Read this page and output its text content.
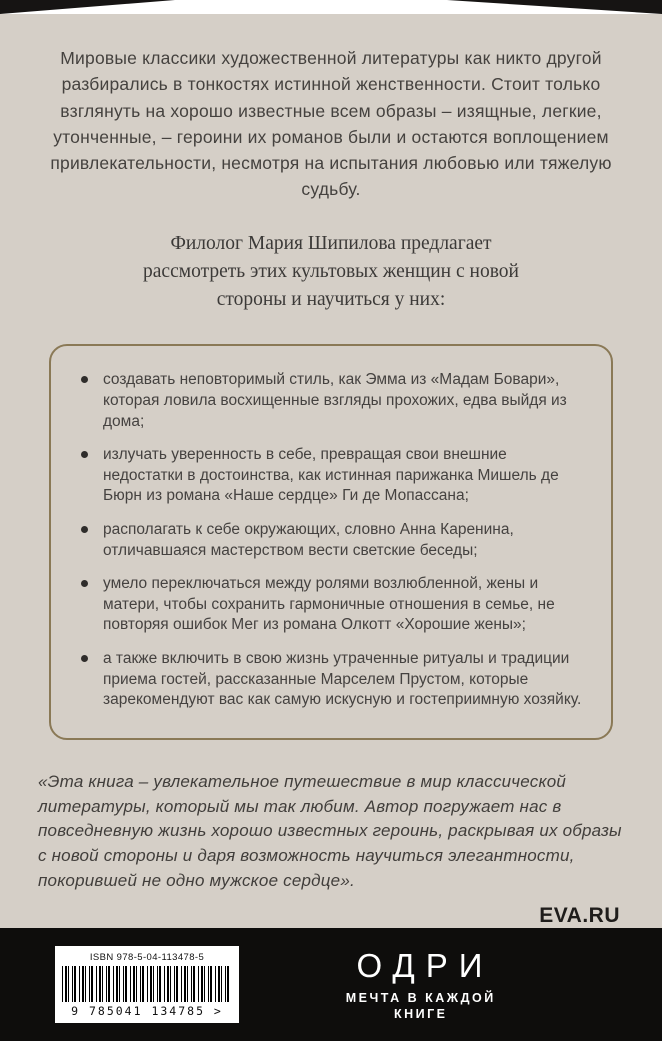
Мировые классики художественной литературы как никто другой разбирались в тонкостях истинной женственности. Стоит только взглянуть на хорошо известные всем образы – изящные, легкие, утонченные, – героини их романов были и остаются воплощением привлекательности, несмотря на испытания любовью или тяжелую судьбу.

Филолог Мария Шипилова предлагает рассмотреть этих культовых женщин с новой стороны и научиться у них:

создавать неповторимый стиль, как Эмма из «Мадам Бовари», которая ловила восхищенные взгляды прохожих, едва выйдя из дома;
излучать уверенность в себе, превращая свои внешние недостатки в достоинства, как истинная парижанка Мишель де Бюрн из романа «Наше сердце» Ги де Мопассана;
располагать к себе окружающих, словно Анна Каренина, отличавшаяся мастерством вести светские беседы;
умело переключаться между ролями возлюбленной, жены и матери, чтобы сохранить гармоничные отношения в семье, не повторяя ошибок Мег из романа Олкотт «Хорошие жены»;
а также включить в свою жизнь утраченные ритуалы и традиции приема гостей, рассказанные Марселем Прустом, которые зарекомендуют вас как самую искусную и гостеприимную хозяйку.

«Эта книга – увлекательное путешествие в мир классической литературы, который мы так любим. Автор погружает нас в повседневную жизнь хорошо известных героинь, раскрывая их образы с новой стороны и даря возможность научиться элегантности, покорившей не одно мужское сердце».

EVA.RU
ISBN 978-5-04-113478-5
9 785041 134785 >
ОДРИ
МЕЧТА В КАЖДОЙ
КНИГЕ
